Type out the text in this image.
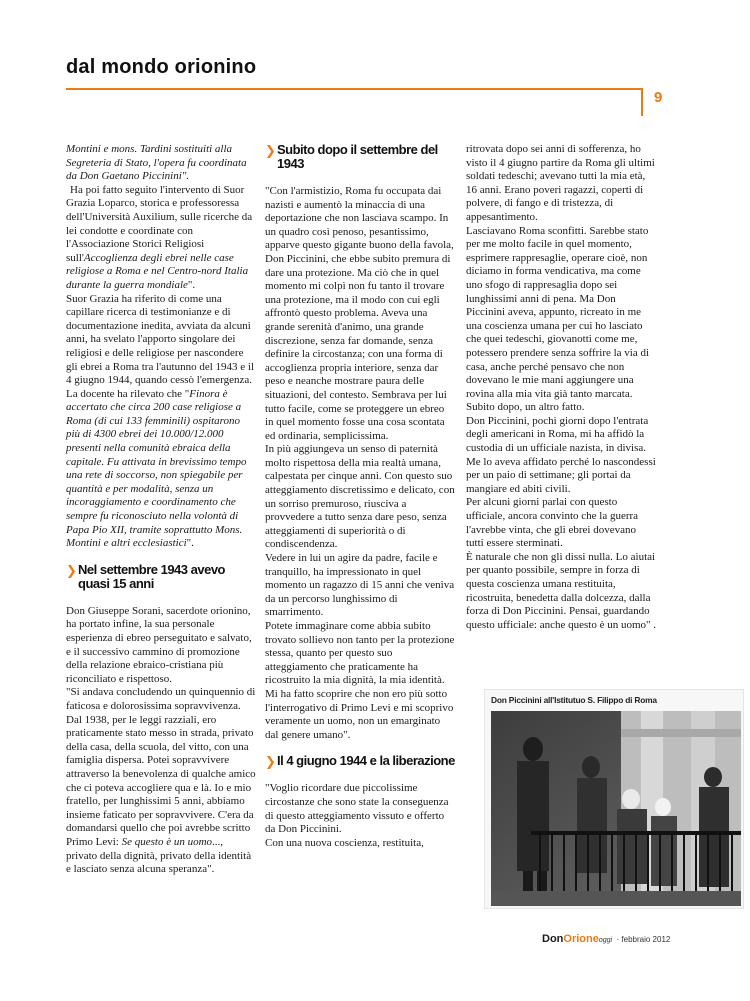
dal mondo orionino
9

Montini e mons. Tardini sostituiti alla Segreteria di Stato, l'opera fu coordinata da Don Gaetano Piccinini".

Ha poi fatto seguito l'intervento di Suor Grazia Loparco, storica e professoressa dell'Università Auxilium, sulle ricerche da lei condotte e coordinate con l'Associazione Storici Religiosi sull'Accoglienza degli ebrei nelle case religiose a Roma e nel Centro-nord Italia durante la guerra mondiale".

Suor Grazia ha riferito di come una capillare ricerca di testimonianze e di documentazione inedita, avviata da alcuni anni, ha svelato l'apporto singolare dei religiosi e delle religiose per nascondere gli ebrei a Roma tra l'autunno del 1943 e il 4 giugno 1944, quando cessò l'emergenza.

La docente ha rilevato che "Finora è accertato che circa 200 case religiose a Roma (di cui 133 femminili) ospitarono più di 4300 ebrei dei 10.000/12.000 presenti nella comunità ebraica della capitale. Fu attivata in brevissimo tempo una rete di soccorso, non spiegabile per quantità e per modalità, senza un incoraggiamento e coordinamento che sempre fu riconosciuto nella volontà di Papa Pio XII, tramite soprattutto Mons. Montini e altri ecclesiastici".

❯ Nel settembre 1943 avevo quasi 15 anni

Don Giuseppe Sorani, sacerdote orionino, ha portato infine, la sua personale esperienza di ebreo perseguitato e salvato, e il successivo cammino di promozione della relazione ebraico-cristiana più riconciliato e rispettoso.

"Si andava concludendo un quinquennio di faticosa e dolorosissima sopravvivenza. Dal 1938, per le leggi razziali, ero praticamente stato messo in strada, privato della casa, della scuola, del vitto, con una famiglia dispersa. Potei sopravvivere attraverso la benevolenza di qualche amico che ci poteva accogliere qua e là. Io e mio fratello, per lunghissimi 5 anni, abbiamo insieme faticato per sopravvivere. C'era da domandarsi quello che poi avrebbe scritto Primo Levi: Se questo è un uomo..., privato della dignità, privato della identità e lasciato senza alcuna speranza".

❯ Subito dopo il settembre del 1943

"Con l'armistizio, Roma fu occupata dai nazisti e aumentò la minaccia di una deportazione che non lasciava scampo. In un quadro così penoso, pesantissimo, apparve questo gigante buono della favola, Don Piccinini, che ebbe subito premura di dare una protezione. Ma ciò che in quel momento mi colpì non fu tanto il trovare una protezione, ma il modo con cui egli affrontò questo problema. Aveva una grande serenità d'animo, una grande discrezione, senza far domande, senza definire la circostanza; con una forma di accoglienza propria interiore, senza dar peso e neanche mostrare paura delle situazioni, del contesto. Sembrava per lui tutto facile, come se proteggere un ebreo in quel momento fosse una cosa scontata ed ordinaria, semplicissima.

In più aggiungeva un senso di paternità molto rispettosa della mia realtà umana, calpestata per cinque anni. Con questo suo atteggiamento discretissimo e delicato, con un sorriso premuroso, riusciva a provvedere a tutto senza dare peso, senza atteggiamenti di superiorità o di condiscendenza.

Vedere in lui un agire da padre, facile e tranquillo, ha impressionato in quel momento un ragazzo di 15 anni che veniva da un percorso lunghissimo di smarrimento.

Potete immaginare come abbia subito trovato sollievo non tanto per la protezione stessa, quanto per questo suo atteggiamento che praticamente ha ricostruito la mia dignità, la mia identità.

Mi ha fatto scoprire che non ero più sotto l'interrogativo di Primo Levi e mi scoprivo veramente un uomo, non un emarginato dal genere umano".

❯ Il 4 giugno 1944 e la liberazione

"Voglio ricordare due piccolissime circostanze che sono state la conseguenza di questo atteggiamento vissuto e offerto da Don Piccinini.

Con una nuova coscienza, restituita,

ritrovata dopo sei anni di sofferenza, ho visto il 4 giugno partire da Roma gli ultimi soldati tedeschi; avevano tutti la mia età, 16 anni. Erano poveri ragazzi, coperti di polvere, di fango e di tristezza, di appesantimento.

Lasciavano Roma sconfitti. Sarebbe stato per me molto facile in quel momento, esprimere rappresaglie, operare cioè, non diciamo in forma vendicativa, ma come uno sfogo di rappresaglia dopo sei lunghissimi anni di pena. Ma Don Piccinini aveva, appunto, ricreato in me una coscienza umana per cui ho lasciato che quei tedeschi, giovanotti come me, potessero prendere senza soffrire la via di casa, anche perché pensavo che non dovevano le mie mani aggiungere una rovina alla mia vita già tanto marcata. Subito dopo, un altro fatto.

Don Piccinini, pochi giorni dopo l'entrata degli americani in Roma, mi ha affidò la custodia di un ufficiale nazista, in divisa. Me lo aveva affidato perché lo nascondessi per un paio di settimane; gli portai da mangiare ed abiti civili.

Per alcuni giorni parlai con questo ufficiale, ancora convinto che la guerra l'avrebbe vinta, che gli ebrei dovevano tutti essere sterminati.

È naturale che non gli dissi nulla. Lo aiutai per quanto possibile, sempre in forza di questa coscienza umana restituita, ricostruita, benedetta dalla dolcezza, dalla forza di Don Piccinini. Pensai, guardando questo ufficiale: anche questo è un uomo" .

Don Piccinini all'Istitutuo S. Filippo di Roma
DonOrioneoggi · febbraio 2012
